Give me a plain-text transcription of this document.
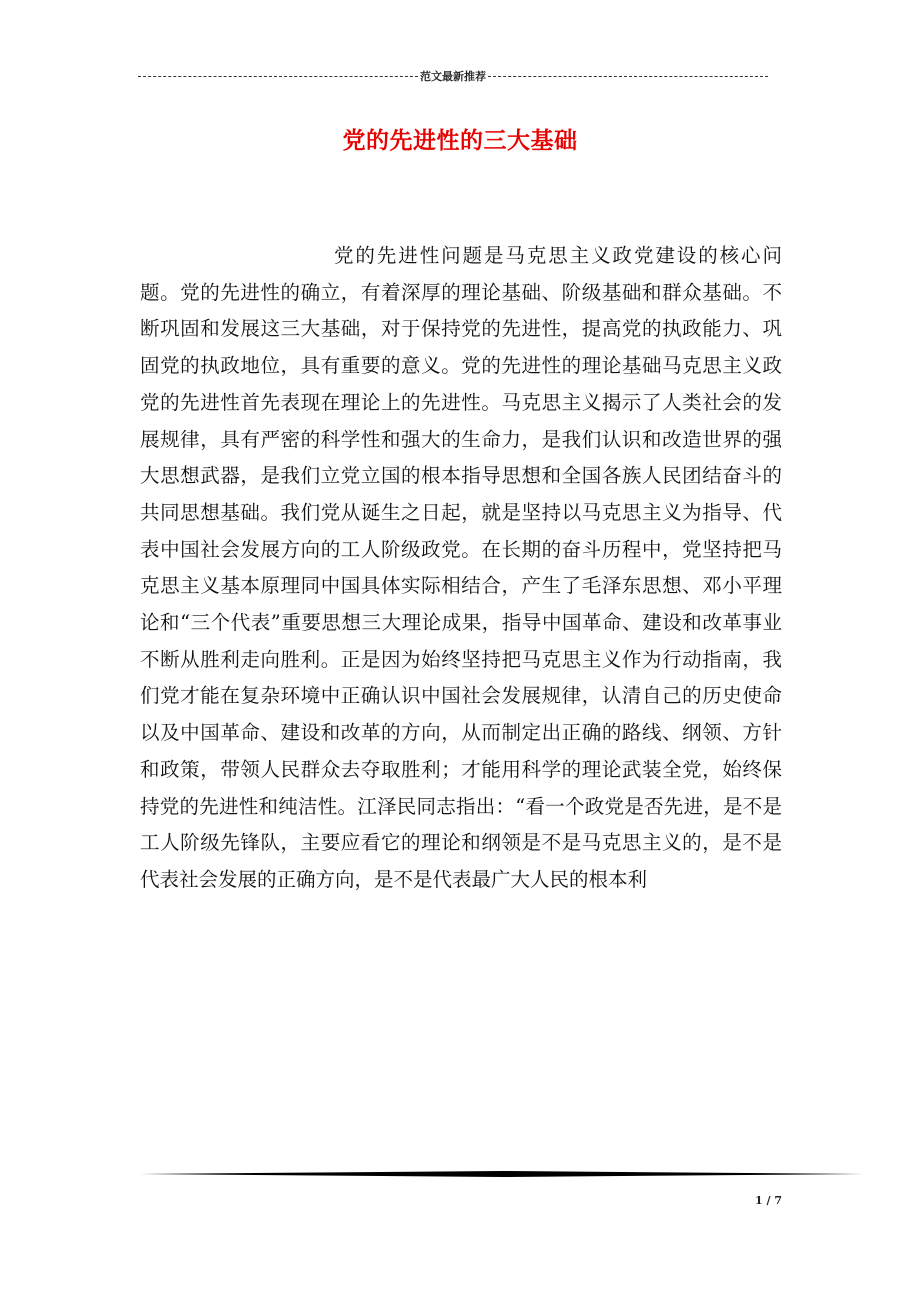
范文最新推荐
党的先进性的三大基础

党的先进性问题是马克思主义政党建设的核心问题。党的先进性的确立，有着深厚的理论基础、阶级基础和群众基础。不断巩固和发展这三大基础，对于保持党的先进性，提高党的执政能力、巩固党的执政地位，具有重要的意义。党的先进性的理论基础马克思主义政党的先进性首先表现在理论上的先进性。马克思主义揭示了人类社会的发展规律，具有严密的科学性和强大的生命力，是我们认识和改造世界的强大思想武器，是我们立党立国的根本指导思想和全国各族人民团结奋斗的共同思想基础。我们党从诞生之日起，就是坚持以马克思主义为指导、代表中国社会发展方向的工人阶级政党。在长期的奋斗历程中，党坚持把马克思主义基本原理同中国具体实际相结合，产生了毛泽东思想、邓小平理论和“三个代表”重要思想三大理论成果，指导中国革命、建设和改革事业不断从胜利走向胜利。正是因为始终坚持把马克思主义作为行动指南，我们党才能在复杂环境中正确认识中国社会发展规律，认清自己的历史使命以及中国革命、建设和改革的方向，从而制定出正确的路线、纲领、方针和政策，带领人民群众去夺取胜利；才能用科学的理论武装全党，始终保持党的先进性和纯洁性。江泽民同志指出：“看一个政党是否先进，是不是工人阶级先锋队，主要应看它的理论和纲领是不是马克思主义的，是不是代表社会发展的正确方向，是不是代表最广大人民的根本利

1 / 7
